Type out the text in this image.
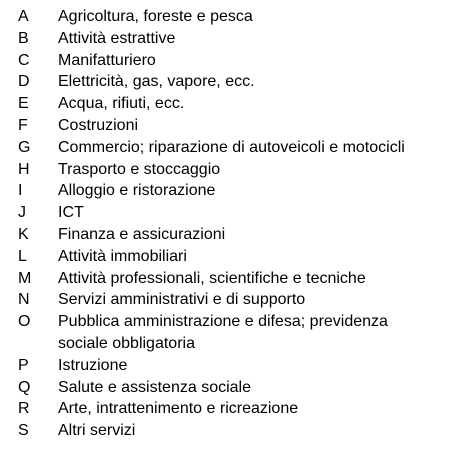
A	Agricoltura, foreste e pesca
B	Attività estrattive
C	Manifatturiero
D	Elettricità, gas, vapore, ecc.
E	Acqua, rifiuti, ecc.
F	Costruzioni
G	Commercio; riparazione di autoveicoli e motocicli
H	Trasporto e stoccaggio
I	Alloggio e ristorazione
J	ICT
K	Finanza e assicurazioni
L	Attività immobiliari
M	Attività professionali, scientifiche e tecniche
N	Servizi amministrativi e di supporto
O	Pubblica amministrazione e difesa; previdenza sociale obbligatoria
P	Istruzione
Q	Salute e assistenza sociale
R	Arte, intrattenimento e ricreazione
S	Altri servizi
